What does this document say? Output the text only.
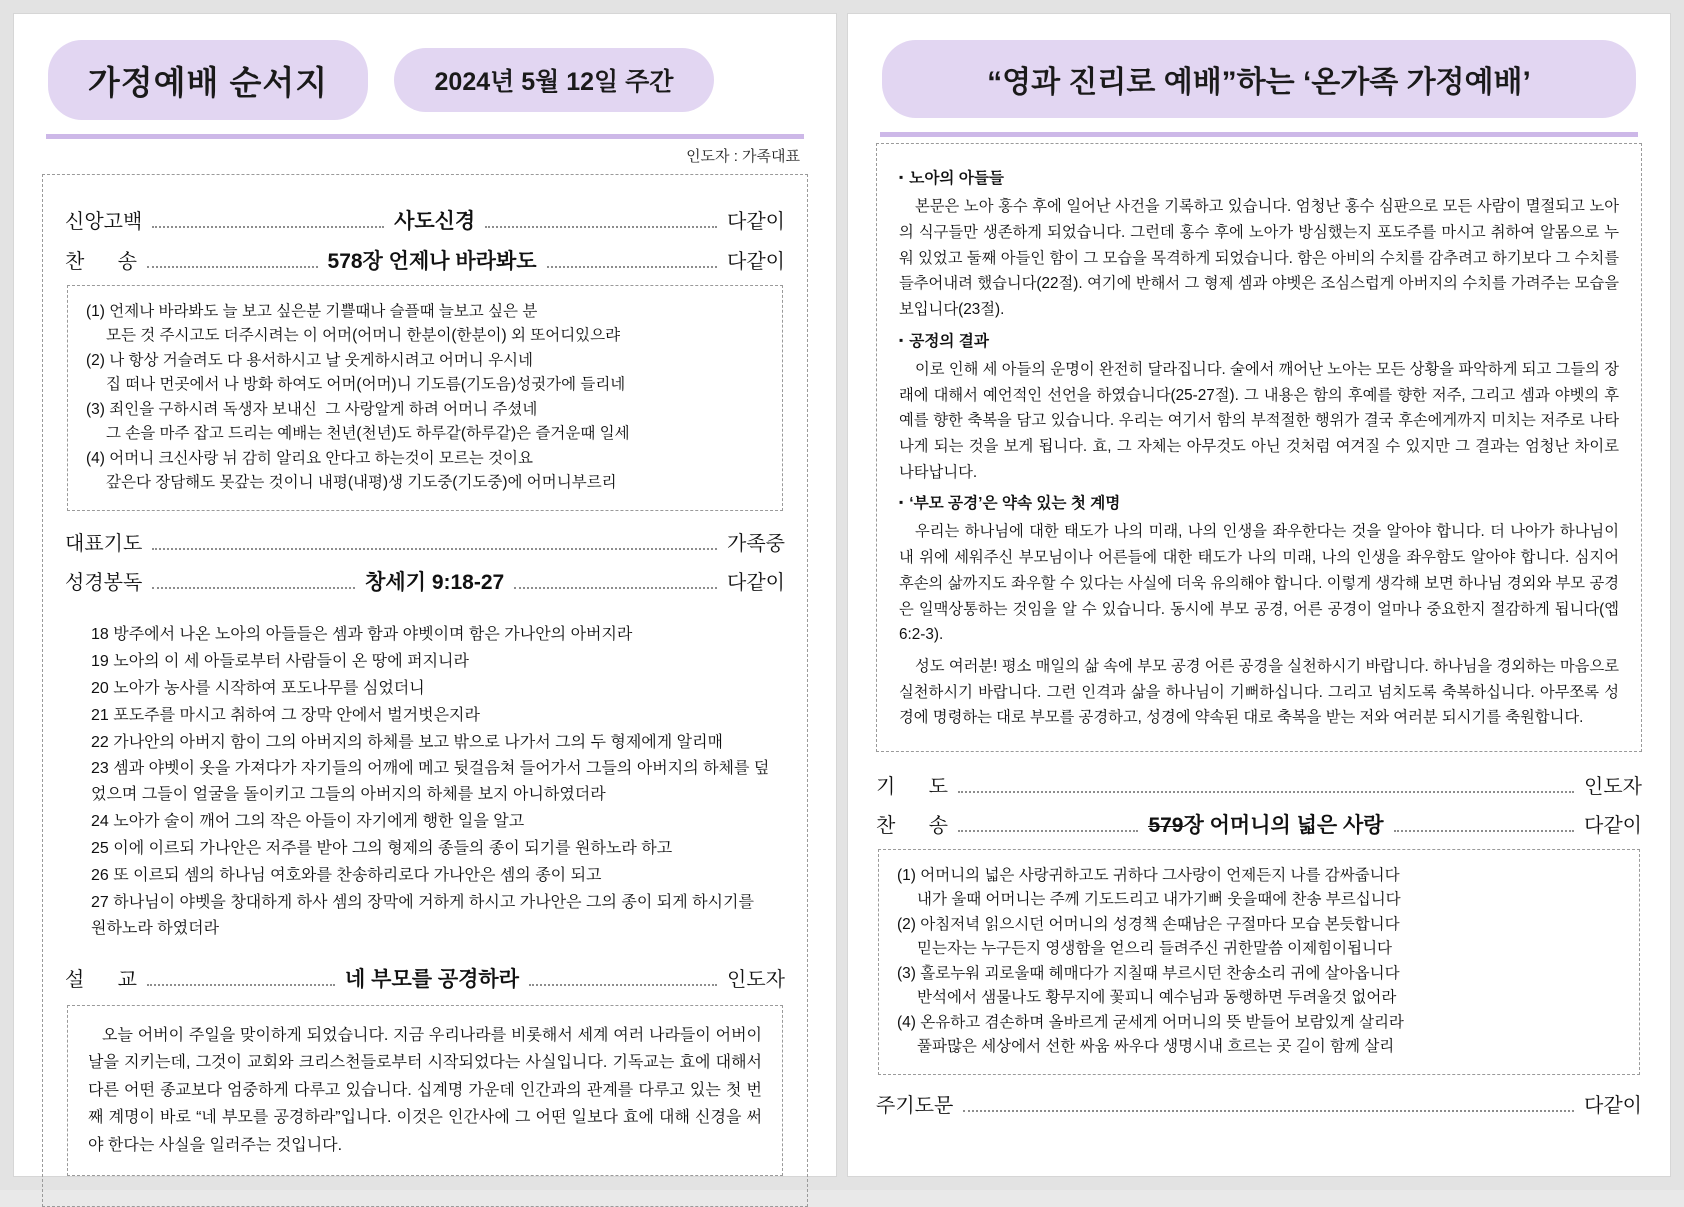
가정예배 순서지	2024년 5월 12일 주간
인도자 : 가족대표
신앙고백	사도신경	다같이
찬      송	578장 언제나 바라봐도	다같이
(1) 언제나 바라봐도 늘 보고 싶은분 기쁠때나 슬플때 늘보고 싶은 분
모든 것 주시고도 더주시려는 이 어머(어머니 한분이(한분이) 외 또어디있으랴
(2) 나 항상 거슬려도 다 용서하시고 날 웃게하시려고 어머니 우시네
집 떠나 먼곳에서 나 방화 하여도 어머(어머)니 기도름(기도음)성귓가에 들리네
(3) 죄인을 구하시려 독생자 보내신  그 사랑알게 하려 어머니 주셨네
그 손을 마주 잡고 드리는 예배는 천년(천년)도 하루같(하루같)은 즐거운때 일세
(4) 어머니 크신사랑 뉘 감히 알리요 안다고 하는것이 모르는 것이요
갚은다 장담해도 못갚는 것이니 내평(내평)생 기도중(기도중)에 어머니부르리
대표기도	가족중
성경봉독	창세기 9:18-27	다같이
18 방주에서 나온 노아의 아들들은 셈과 함과 야벳이며 함은 가나안의 아버지라
19 노아의 이 세 아들로부터 사람들이 온 땅에 퍼지니라
20 노아가 농사를 시작하여 포도나무를 심었더니
21 포도주를 마시고 취하여 그 장막 안에서 벌거벗은지라
22 가나안의 아버지 함이 그의 아버지의 하체를 보고 밖으로 나가서 그의 두 형제에게 알리매
23 셈과 야벳이 옷을 가져다가 자기들의 어깨에 메고 뒷걸음쳐 들어가서 그들의 아버지의 하체를 덮었으며 그들이 얼굴을 돌이키고 그들의 아버지의 하체를 보지 아니하였더라
24 노아가 술이 깨어 그의 작은 아들이 자기에게 행한 일을 알고
25 이에 이르되 가나안은 저주를 받아 그의 형제의 종들의 종이 되기를 원하노라 하고
26 또 이르되 셈의 하나님 여호와를 찬송하리로다 가나안은 셈의 종이 되고
27 하나님이 야벳을 창대하게 하사 셈의 장막에 거하게 하시고 가나안은 그의 종이 되게 하시기를 원하노라 하였더라
설      교	네 부모를 공경하라	인도자

오늘 어버이 주일을 맞이하게 되었습니다. 지금 우리나라를 비롯해서 세계 여러 나라들이 어버이날을 지키는데, 그것이 교회와 크리스천들로부터 시작되었다는 사실입니다. 기독교는 효에 대해서 다른 어떤 종교보다 엄중하게 다루고 있습니다. 십계명 가운데 인간과의 관계를 다루고 있는 첫 번째 계명이 바로 “네 부모를 공경하라”입니다. 이것은 인간사에 그 어떤 일보다 효에 대해 신경을 써야 한다는 사실을 일러주는 것입니다.

“영과 진리로 예배”하는 ‘온가족 가정예배’
▪ 노아의 아들들

본문은 노아 홍수 후에 일어난 사건을 기록하고 있습니다. 엄청난 홍수 심판으로 모든 사람이 멸절되고 노아의 식구들만 생존하게 되었습니다. 그런데 홍수 후에 노아가 방심했는지 포도주를 마시고 취하여 알몸으로 누워 있었고 둘째 아들인 함이 그 모습을 목격하게 되었습니다. 함은 아비의 수치를 감추려고 하기보다 그 수치를 들추어내려 했습니다(22절). 여기에 반해서 그 형제 셈과 야벳은 조심스럽게 아버지의 수치를 가려주는 모습을 보입니다(23절).

▪ 공정의 결과

이로 인해 세 아들의 운명이 완전히 달라집니다. 술에서 깨어난 노아는 모든 상황을 파악하게 되고 그들의 장래에 대해서 예언적인 선언을 하였습니다(25-27절). 그 내용은 함의 후예를 향한 저주, 그리고 셈과 야벳의 후예를 향한 축복을 담고 있습니다. 우리는 여기서 함의 부적절한 행위가 결국 후손에게까지 미치는 저주로 나타나게 되는 것을 보게 됩니다. 효, 그 자체는 아무것도 아닌 것처럼 여겨질 수 있지만 그 결과는 엄청난 차이로 나타납니다.

▪ ‘부모 공경’은 약속 있는 첫 계명

우리는 하나님에 대한 태도가 나의 미래, 나의 인생을 좌우한다는 것을 알아야 합니다. 더 나아가 하나님이 내 위에 세워주신 부모님이나 어른들에 대한 태도가 나의 미래, 나의 인생을 좌우함도 알아야 합니다. 심지어 후손의 삶까지도 좌우할 수 있다는 사실에 더욱 유의해야 합니다. 이렇게 생각해 보면 하나님 경외와 부모 공경은 일맥상통하는 것임을 알 수 있습니다. 동시에 부모 공경, 어른 공경이 얼마나 중요한지 절감하게 됩니다(엡6:2-3).

성도 여러분! 평소 매일의 삶 속에 부모 공경 어른 공경을 실천하시기 바랍니다. 하나님을 경외하는 마음으로 실천하시기 바랍니다. 그런 인격과 삶을 하나님이 기뻐하십니다. 그리고 넘치도록 축복하십니다. 아무쪼록 성경에 명령하는 대로 부모를 공경하고, 성경에 약속된 대로 축복을 받는 저와 여러분 되시기를 축원합니다.

기      도	인도자
찬      송	579장 어머니의 넓은 사랑	다같이
(1) 어머니의 넓은 사랑귀하고도 귀하다 그사랑이 언제든지 나를 감싸줍니다
내가 울때 어머니는 주께 기도드리고 내가기뻐 웃을때에 찬송 부르십니다
(2) 아침저녁 읽으시던 어머니의 성경책 손때남은 구절마다 모습 본듯합니다
믿는자는 누구든지 영생함을 얻으리 들려주신 귀한말씀 이제힘이됩니다
(3) 홀로누워 괴로울때 헤매다가 지칠때 부르시던 찬송소리 귀에 살아옵니다
반석에서 샘물나도 황무지에 꽃피니 예수님과 동행하면 두려울것 없어라
(4) 온유하고 겸손하며 올바르게 굳세게 어머니의 뜻 받들어 보람있게 살리라
풀파많은 세상에서 선한 싸움 싸우다 생명시내 흐르는 곳 길이 함께 살리
주기도문	다같이
